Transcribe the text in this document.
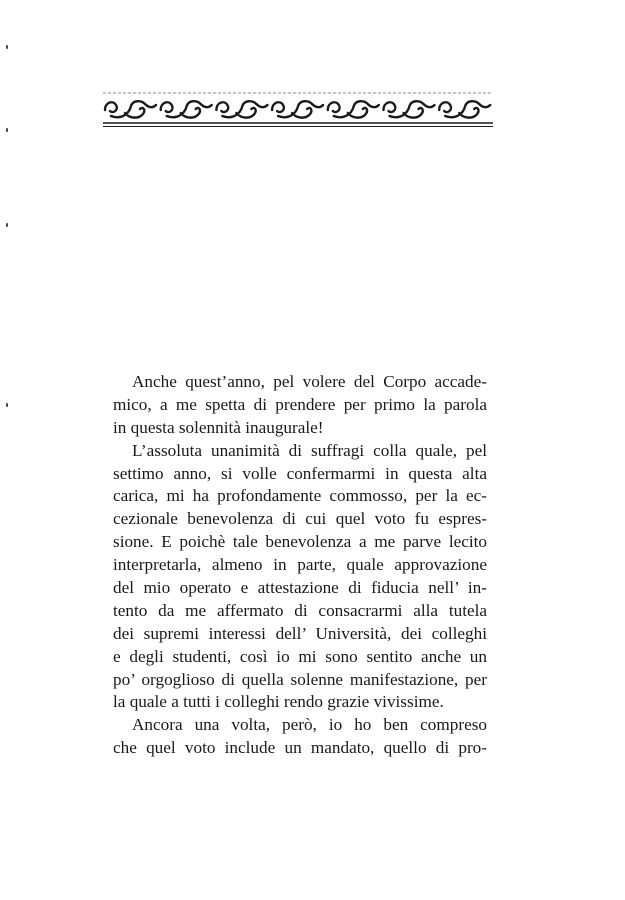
Anche quest’anno, pel volere del Corpo accade-
mico, a me spetta di prendere per primo la parola
in questa solennità inaugurale!
L’assoluta unanimità di suffragi colla quale, pel
settimo anno, si volle confermarmi in questa alta
carica, mi ha profondamente commosso, per la ec-
cezionale benevolenza di cui quel voto fu espres-
sione. E poichè tale benevolenza a me parve lecito
interpretarla, almeno in parte, quale approvazione
del mio operato e attestazione di fiducia nell’ in-
tento da me affermato di consacrarmi alla tutela
dei supremi interessi dell’ Università, dei colleghi
e degli studenti, così io mi sono sentito anche un
po’ orgoglioso di quella solenne manifestazione, per
la quale a tutti i colleghi rendo grazie vivissime.
Ancora una volta, però, io ho ben compreso
che quel voto include un mandato, quello di pro-
